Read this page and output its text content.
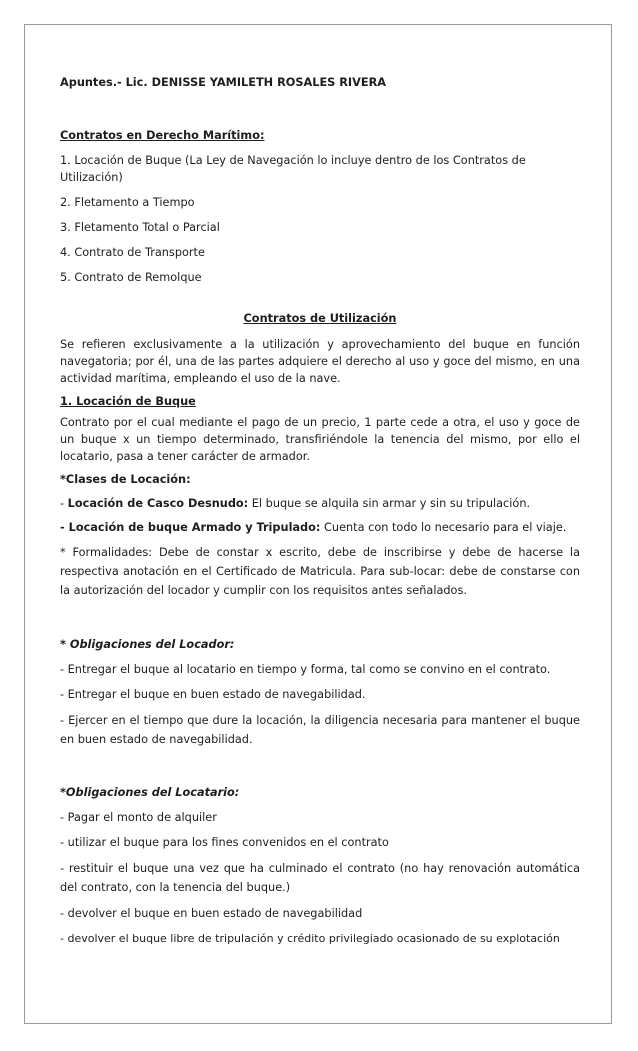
Apuntes.- Lic. DENISSE YAMILETH ROSALES RIVERA

Contratos en Derecho Marítimo:

1. Locación de Buque (La Ley de Navegación lo incluye dentro de los Contratos de Utilización)

2. Fletamento a Tiempo

3. Fletamento Total o Parcial

4. Contrato de Transporte

5. Contrato de Remolque

Contratos de Utilización

Se refieren exclusivamente a la utilización y aprovechamiento del buque en función navegatoria; por él, una de las partes adquiere el derecho al uso y goce del mismo, en una actividad marítima, empleando el uso de la nave.

1. Locación de Buque

Contrato por el cual mediante el pago de un precio, 1 parte cede a otra, el uso y goce de un buque x un tiempo determinado, transfiriéndole la tenencia del mismo, por ello el locatario, pasa a tener carácter de armador.

*Clases de Locación:

- Locación de Casco Desnudo: El buque se alquila sin armar y sin su tripulación.

- Locación de buque Armado y Tripulado: Cuenta con todo lo necesario para el viaje.

* Formalidades: Debe de constar x escrito, debe de inscribirse y debe de hacerse la respectiva anotación en el Certificado de Matricula. Para sub-locar: debe de constarse con la autorización del locador y cumplir con los requisitos antes señalados.

* Obligaciones del Locador:

- Entregar el buque al locatario en tiempo y forma, tal como se convino en el contrato.

- Entregar el buque en buen estado de navegabilidad.

- Ejercer en el tiempo que dure la locación, la diligencia necesaria para mantener el buque en buen estado de navegabilidad.

*Obligaciones del Locatario:

- Pagar el monto de alquiler

- utilizar el buque para los fines convenidos en el contrato

- restituir el buque una vez que ha culminado el contrato (no hay renovación automática del contrato, con la tenencia del buque.)

- devolver el buque en buen estado de navegabilidad

- devolver el buque libre de tripulación y crédito privilegiado ocasionado de su explotación
